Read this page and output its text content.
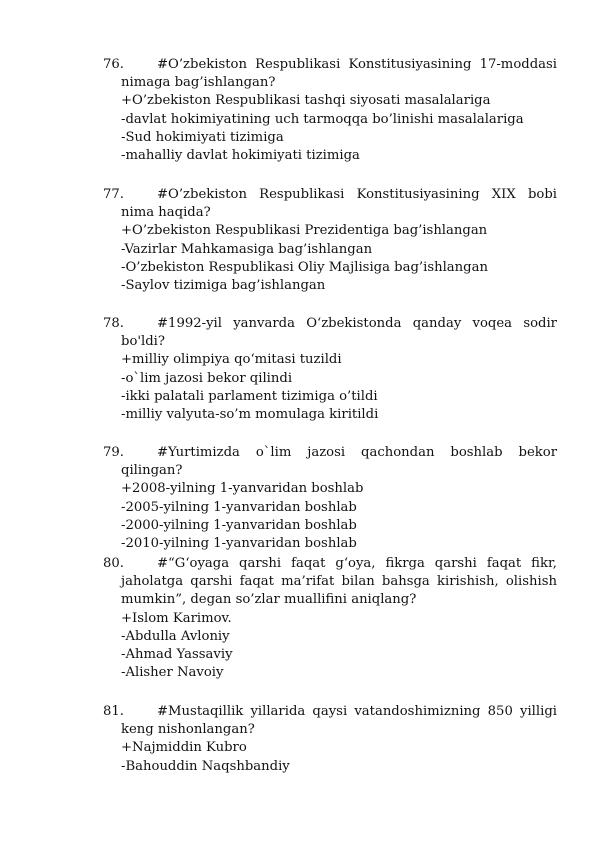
76.	#O’zbekiston Respublikasi Konstitusiyasining 17-moddasi nimaga bag’ishlangan?
+O’zbekiston Respublikasi tashqi siyosati masalalariga
-davlat hokimiyatining uch tarmoqqa bo’linishi masalalariga
-Sud hokimiyati tizimiga
-mahalliy davlat hokimiyati tizimiga
77.	#O’zbekiston Respublikasi Konstitusiyasining XIX bobi nima haqida?
+O’zbekiston Respublikasi Prezidentiga bag’ishlangan
-Vazirlar Mahkamasiga bag’ishlangan
-O’zbekiston Respublikasi Oliy Majlisiga bag’ishlangan
-Saylov tizimiga bag’ishlangan
78.	#1992-yil yanvarda O‘zbekistonda qanday voqea sodir bo'ldi?
+milliy olimpiya qo‘mitasi tuzildi
-o`lim jazosi bekor qilindi
-ikki palatali parlament tizimiga o’tildi
-milliy valyuta-so’m momulaga kiritildi
79.	#Yurtimizda o`lim jazosi qachondan boshlab bekor qilingan?
+2008-yilning 1-yanvaridan boshlab
-2005-yilning 1-yanvaridan boshlab
-2000-yilning 1-yanvaridan boshlab
-2010-yilning 1-yanvaridan boshlab
80.	#“G‘oyaga qarshi faqat g‘oya, fikrga qarshi faqat fikr, jaholatga qarshi faqat ma’rifat bilan bahsga kirishish, olishish mumkin”, degan so’zlar muallifini aniqlang?
+Islom Karimov.
-Abdulla Avloniy
-Ahmad Yassaviy
-Alisher Navoiy
81.	#Mustaqillik yillarida qaysi vatandoshimizning 850 yilligi keng nishonlangan?
+Najmiddin Kubro
-Bahouddin Naqshbandiy
